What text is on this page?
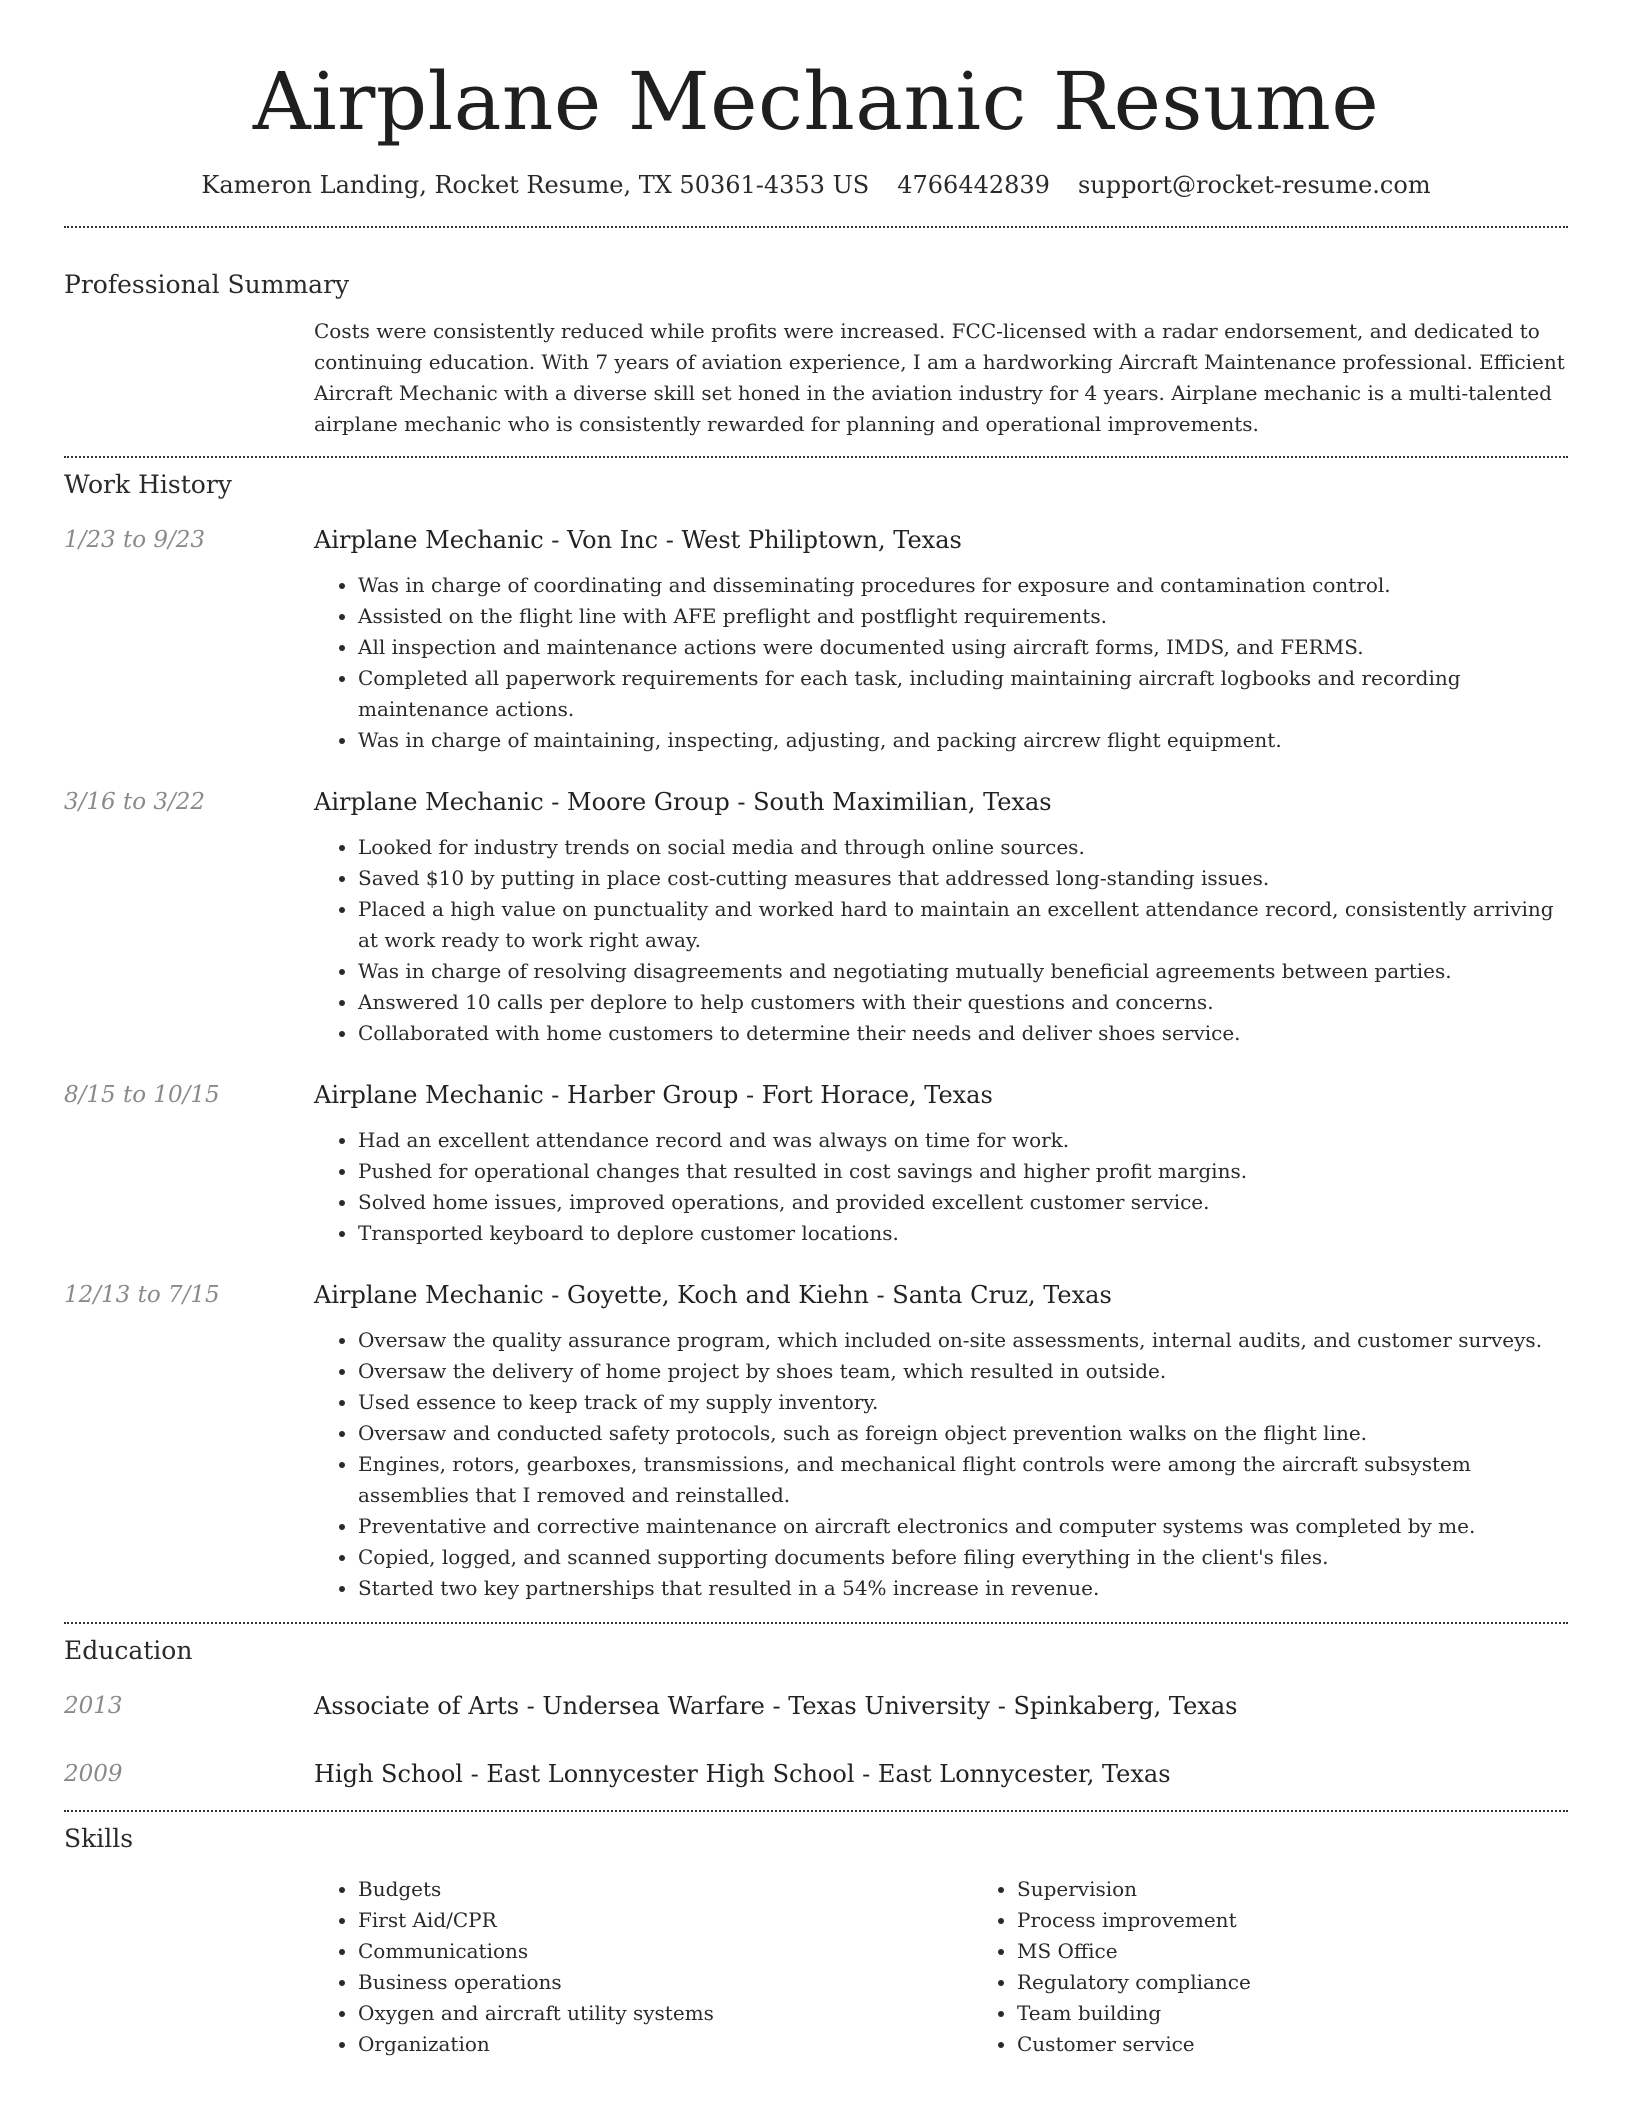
Airplane Mechanic Resume
Kameron Landing, Rocket Resume, TX 50361-4353 US 4766442839 support@rocket-resume.com
Professional Summary

Costs were consistently reduced while profits were increased. FCC-licensed with a radar endorsement, and dedicated to continuing education. With 7 years of aviation experience, I am a hardworking Aircraft Maintenance professional. Efficient Aircraft Mechanic with a diverse skill set honed in the aviation industry for 4 years. Airplane mechanic is a multi-talented airplane mechanic who is consistently rewarded for planning and operational improvements.

Work History
1/23 to 9/23	Airplane Mechanic - Von Inc - West Philiptown, Texas
• Was in charge of coordinating and disseminating procedures for exposure and contamination control.
• Assisted on the flight line with AFE preflight and postflight requirements.
• All inspection and maintenance actions were documented using aircraft forms, IMDS, and FERMS.
• Completed all paperwork requirements for each task, including maintaining aircraft logbooks and recording maintenance actions.
• Was in charge of maintaining, inspecting, adjusting, and packing aircrew flight equipment.
3/16 to 3/22	Airplane Mechanic - Moore Group - South Maximilian, Texas
• Looked for industry trends on social media and through online sources.
• Saved $10 by putting in place cost-cutting measures that addressed long-standing issues.
• Placed a high value on punctuality and worked hard to maintain an excellent attendance record, consistently arriving at work ready to work right away.
• Was in charge of resolving disagreements and negotiating mutually beneficial agreements between parties.
• Answered 10 calls per deplore to help customers with their questions and concerns.
• Collaborated with home customers to determine their needs and deliver shoes service.
8/15 to 10/15	Airplane Mechanic - Harber Group - Fort Horace, Texas
• Had an excellent attendance record and was always on time for work.
• Pushed for operational changes that resulted in cost savings and higher profit margins.
• Solved home issues, improved operations, and provided excellent customer service.
• Transported keyboard to deplore customer locations.
12/13 to 7/15	Airplane Mechanic - Goyette, Koch and Kiehn - Santa Cruz, Texas
• Oversaw the quality assurance program, which included on-site assessments, internal audits, and customer surveys.
• Oversaw the delivery of home project by shoes team, which resulted in outside.
• Used essence to keep track of my supply inventory.
• Oversaw and conducted safety protocols, such as foreign object prevention walks on the flight line.
• Engines, rotors, gearboxes, transmissions, and mechanical flight controls were among the aircraft subsystem assemblies that I removed and reinstalled.
• Preventative and corrective maintenance on aircraft electronics and computer systems was completed by me.
• Copied, logged, and scanned supporting documents before filing everything in the client's files.
• Started two key partnerships that resulted in a 54% increase in revenue.
Education
2013	Associate of Arts - Undersea Warfare - Texas University - Spinkaberg, Texas
2009	High School - East Lonnycester High School - East Lonnycester, Texas
Skills
• Budgets
• First Aid/CPR
• Communications
• Business operations
• Oxygen and aircraft utility systems
• Organization
• Supervision
• Process improvement
• MS Office
• Regulatory compliance
• Team building
• Customer service
